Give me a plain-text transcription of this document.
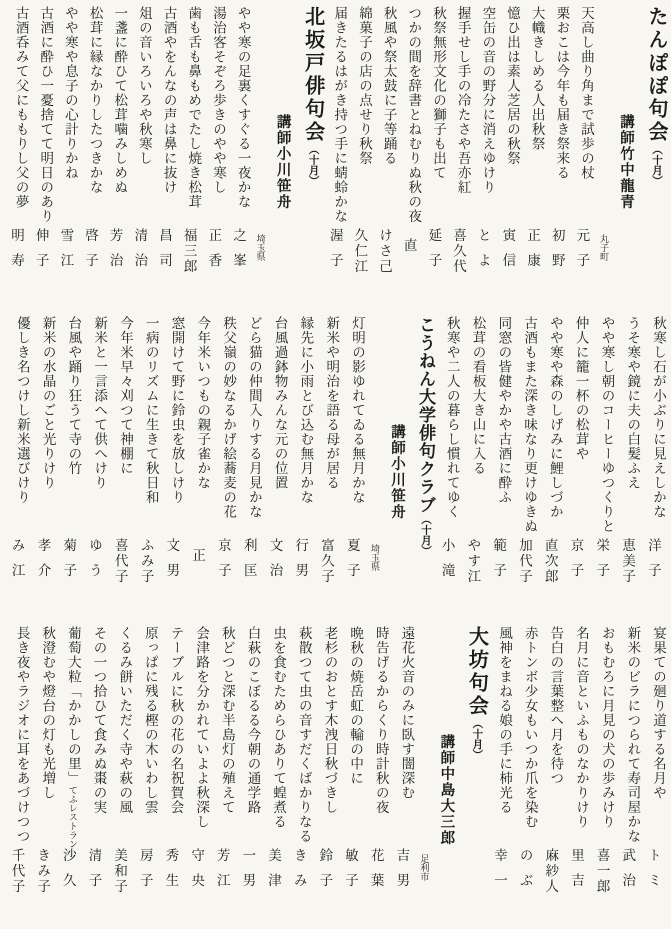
たんぽぽ句会（十月）
講師竹中龍青
丸子町
天高し曲り角まで試歩の杖
元子
栗おこは今年も届き祭来る
初野
大幟きしめる人出秋祭
正康
憶ひ出は素人芝居の秋祭
寅信
空缶の音の野分に消えゆけり
とよ
握手せし手の冷たさや吾亦紅
喜久代
秋祭無形文化の獅子も出て
延子
つかの間を辞書とねむりぬ秋の夜
直
秋風や祭太鼓に子等踊る
けさ己
綿菓子の店の点せり秋祭
久仁江
届きたるはがき持つ手に蜻蛉かな
渥子
北坂戸俳句会（十月）
講師小川笹舟
埼玉県
やや寒の足裏くすぐる一夜かな
之峯
湯治客そぞろ歩きのやや寒し
正香
歯も舌も鼻もめでたし焼き松茸
福三郎
古酒やをんなの声は鼻に抜け
昌司
俎の音いろいろや秋寒し
清治
一盞に酔ひて松茸噛みしめぬ
芳治
松茸に縁なかりしたつきかな
啓子
やや寒や息子の心計りかね
雪江
古酒に酔ひ一憂捨てて明日のあり
伸子
古酒呑みて父にももりし父の夢
明寿
秋寒し石が小ぶりに見えしかな
洋子
うそ寒や鏡に夫の白髪ふえ
恵美子
やや寒し朝のコーヒーゆつくりと
栄子
仲人に籠一杯の松茸や
京子
やや寒や森のしげみに鯉しづか
直次郎
古酒もまた深き味なり更けゆきぬ
加代子
同窓の皆健やかや古酒に酔ふ
範子
松茸の看板大き山に入る
やす江
秋寒や二人の暮らし慣れてゆく
小滝
こうねん大学俳句クラブ（十月）
講師小川笹舟
埼玉県
灯明の影ゆれてゐる無月かな
夏子
新米や明治を語る母が居る
富久子
縁先に小雨とび込む無月かな
行男
台風過鉢物みんな元の位置
文治
どら猫の仲間入りする月見かな
利匡
秩父嶺の妙なるかげ絵蕎麦の花
京子
今年米いつもの親子雀かな
正
窓開けて野に鈴虫を放しけり
文男
一病のリズムに生きて秋日和
ふみ子
今年米早々刈つて神棚に
喜代子
新米と一言添へて供へけり
ゆう
台風や踊り狂うて寺の竹
菊子
新米の水晶のごと光りけり
孝介
優しき名つけし新米選びけり
み江
宴果ての廻り道する名月や
トミ
新米のビラにつられて寿司屋かな
武治
おもむろに月見の犬の歩みけり
喜一郎
名月に音といふものなかりけり
里吉
告白の言葉整へ月を待つ
麻紗人
赤トンボ少女もいつか爪を染む
のぶ
風神をまねる娘の手に柿光る
幸一
大坊句会（十月）
講師中島大三郎
足利市
遠花火音のみに臥す闇深む
吉男
時告げるからくり時計秋の夜
花葉
晩秋の焼岳虹の輪の中に
敏子
老杉のおとす木洩日秋づきし
鈴子
萩散つて虫の音すだくばかりなる
きみ
虫を食むためらひありて蝗煮る
美津
白萩のこぼるる今朝の通学路
一男
秋どつと深む半島灯の殖えて
芳江
会津路を分かれていよよ秋深し
守央
テーブルに秋の花の名祝賀会
秀生
原っぱに残る樫の木いわし雲
房子
くるみ餅いただく寺や萩の風
美和子
その一つ拾ひて食みぬ棗の実
清子
葡萄大粒「かかしの里」てふレストラン
沙久
秋澄むや燈台の灯も光増し
きみ子
長き夜やラジオに耳をあづけつつ
千代子
